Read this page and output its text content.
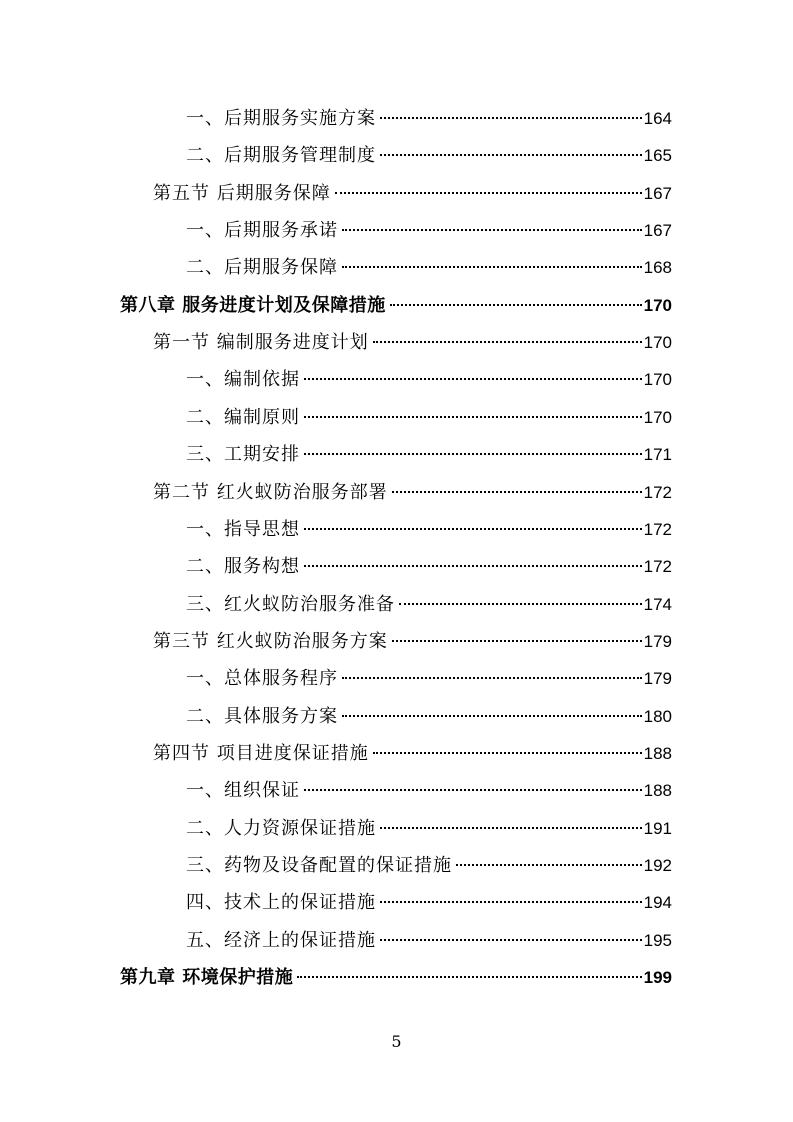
一、后期服务实施方案	164
二、后期服务管理制度	165
第五节 后期服务保障	167
一、后期服务承诺	167
二、后期服务保障	168
第八章 服务进度计划及保障措施	170
第一节 编制服务进度计划	170
一、编制依据	170
二、编制原则	170
三、工期安排	171
第二节 红火蚁防治服务部署	172
一、指导思想	172
二、服务构想	172
三、红火蚁防治服务准备	174
第三节 红火蚁防治服务方案	179
一、总体服务程序	179
二、具体服务方案	180
第四节 项目进度保证措施	188
一、组织保证	188
二、人力资源保证措施	191
三、药物及设备配置的保证措施	192
四、技术上的保证措施	194
五、经济上的保证措施	195
第九章 环境保护措施	199
5
